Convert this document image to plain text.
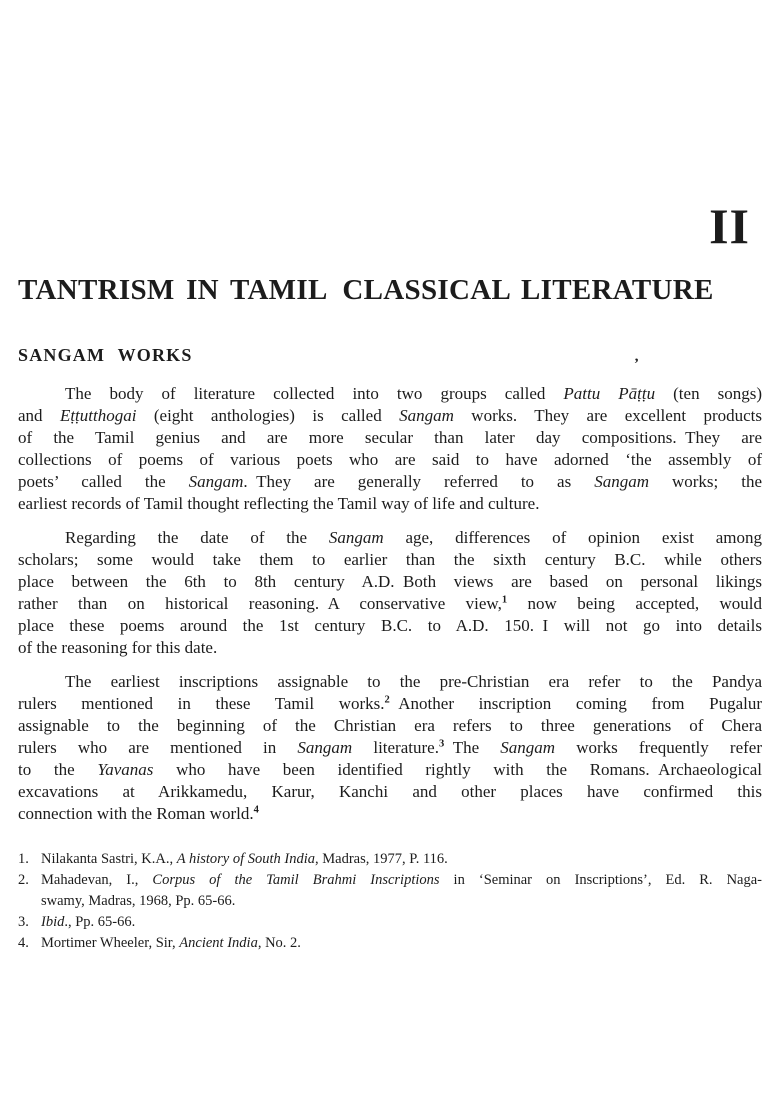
II
TANTRISM IN TAMIL CLASSICAL LITERATURE
’
SANGAM WORKS
The body of literature collected into two groups called Pattu Pāṭṭu (ten songs)
and Eṭṭutthogai (eight anthologies) is called Sangam works. They are excellent products
of the Tamil genius and are more secular than later day compositions. They are
collections of poems of various poets who are said to have adorned ‘the assembly of
poets’ called the Sangam. They are generally referred to as Sangam works; the
earliest records of Tamil thought reflecting the Tamil way of life and culture.
Regarding the date of the Sangam age, differences of opinion exist among
scholars; some would take them to earlier than the sixth century B.C. while others
place between the 6th to 8th century A.D. Both views are based on personal likings
rather than on historical reasoning. A conservative view,$^1$ now being accepted, would
place these poems around the 1st century B.C. to A.D. 150. I will not go into details
of the reasoning for this date.
The earliest inscriptions assignable to the pre-Christian era refer to the Pandya
rulers mentioned in these Tamil works.$^2$ Another inscription coming from Pugalur
assignable to the beginning of the Christian era refers to three generations of Chera
rulers who are mentioned in Sangam literature.$^3$ The Sangam works frequently refer
to the Yavanas who have been identified rightly with the Romans. Archaeological
excavations at Arikkamedu, Karur, Kanchi and other places have confirmed this
connection with the Roman world.$^4$
1. Nilakanta Sastri, K.A., A history of South India, Madras, 1977, P. 116.
2. Mahadevan, I., Corpus of the Tamil Brahmi Inscriptions in ‘Seminar on Inscriptions’, Ed. R. Naga-
swamy, Madras, 1968, Pp. 65-66.
3. Ibid., Pp. 65-66.
4. Mortimer Wheeler, Sir, Ancient India, No. 2.
